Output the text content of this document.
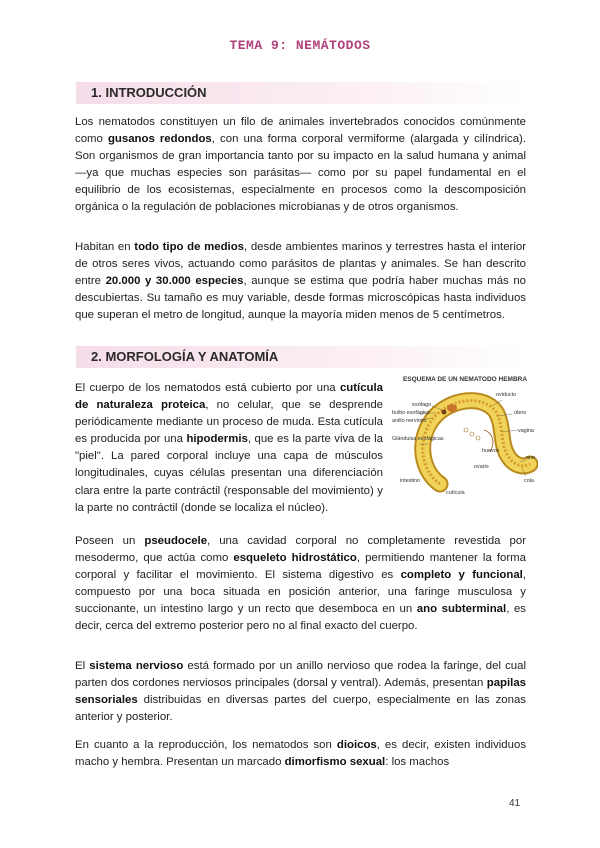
TEMA 9: NEMÁTODOS
1. INTRODUCCIÓN

Los nematodos constituyen un filo de animales invertebrados conocidos comúnmente como gusanos redondos, con una forma corporal vermiforme (alargada y cilíndrica). Son organismos de gran importancia tanto por su impacto en la salud humana y animal —ya que muchas especies son parásitas— como por su papel fundamental en el equilibrio de los ecosistemas, especialmente en procesos como la descomposición orgánica o la regulación de poblaciones microbianas y de otros organismos.

Habitan en todo tipo de medios, desde ambientes marinos y terrestres hasta el interior de otros seres vivos, actuando como parásitos de plantas y animales. Se han descrito entre 20.000 y 30.000 especies, aunque se estima que podría haber muchas más no descubiertas. Su tamaño es muy variable, desde formas microscópicas hasta individuos que superan el metro de longitud, aunque la mayoría miden menos de 5 centímetros.

2. MORFOLOGÍA Y ANATOMÍA

El cuerpo de los nematodos está cubierto por una cutícula de naturaleza proteica, no celular, que se desprende periódicamente mediante un proceso de muda. Esta cutícula es producida por una hipodermis, que es la parte viva de la "piel". La pared corporal incluye una capa de músculos longitudinales, cuyas células presentan una diferenciación clara entre la parte contráctil (responsable del movimiento) y la parte no contráctil (donde se localiza el núcleo).

ESQUEMA DE UN NEMATODO HEMBRA
esófago
bulbo esofágico
anillo nervioso
Glándulas esofágicas
intestino
cutícula
ovario
huevos
oviducto
útero
vagina
ano
cola

Poseen un pseudocele, una cavidad corporal no completamente revestida por mesodermo, que actúa como esqueleto hidrostático, permitiendo mantener la forma corporal y facilitar el movimiento. El sistema digestivo es completo y funcional, compuesto por una boca situada en posición anterior, una faringe musculosa y succionante, un intestino largo y un recto que desemboca en un ano subterminal, es decir, cerca del extremo posterior pero no al final exacto del cuerpo.

El sistema nervioso está formado por un anillo nervioso que rodea la faringe, del cual parten dos cordones nerviosos principales (dorsal y ventral). Además, presentan papilas sensoriales distribuidas en diversas partes del cuerpo, especialmente en las zonas anterior y posterior.

En cuanto a la reproducción, los nematodos son dioicos, es decir, existen individuos macho y hembra. Presentan un marcado dimorfismo sexual: los machos

41
